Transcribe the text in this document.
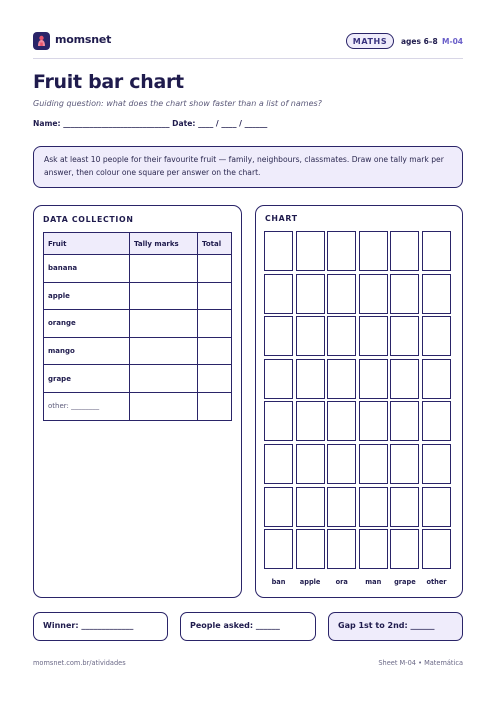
momsnet	MATHS	ages 6–8 M-04
Fruit bar chart
Guiding question: what does the chart show faster than a list of names?
Name: ____________________________ Date: ____ / ____ / ______
Ask at least 10 people for their favourite fruit — family, neighbours, classmates. Draw one tally mark per answer, then colour one square per answer on the chart.
DATA COLLECTION
Fruit	Tally marks	Total
banana		
apple		
orange		
mango		
grape		
other: ________		
CHART
ban	apple	ora	man	grape	other
Winner: _____________	People asked: ______	Gap 1st to 2nd: ______
momsnet.com.br/atividades	Sheet M-04 • Matemática
